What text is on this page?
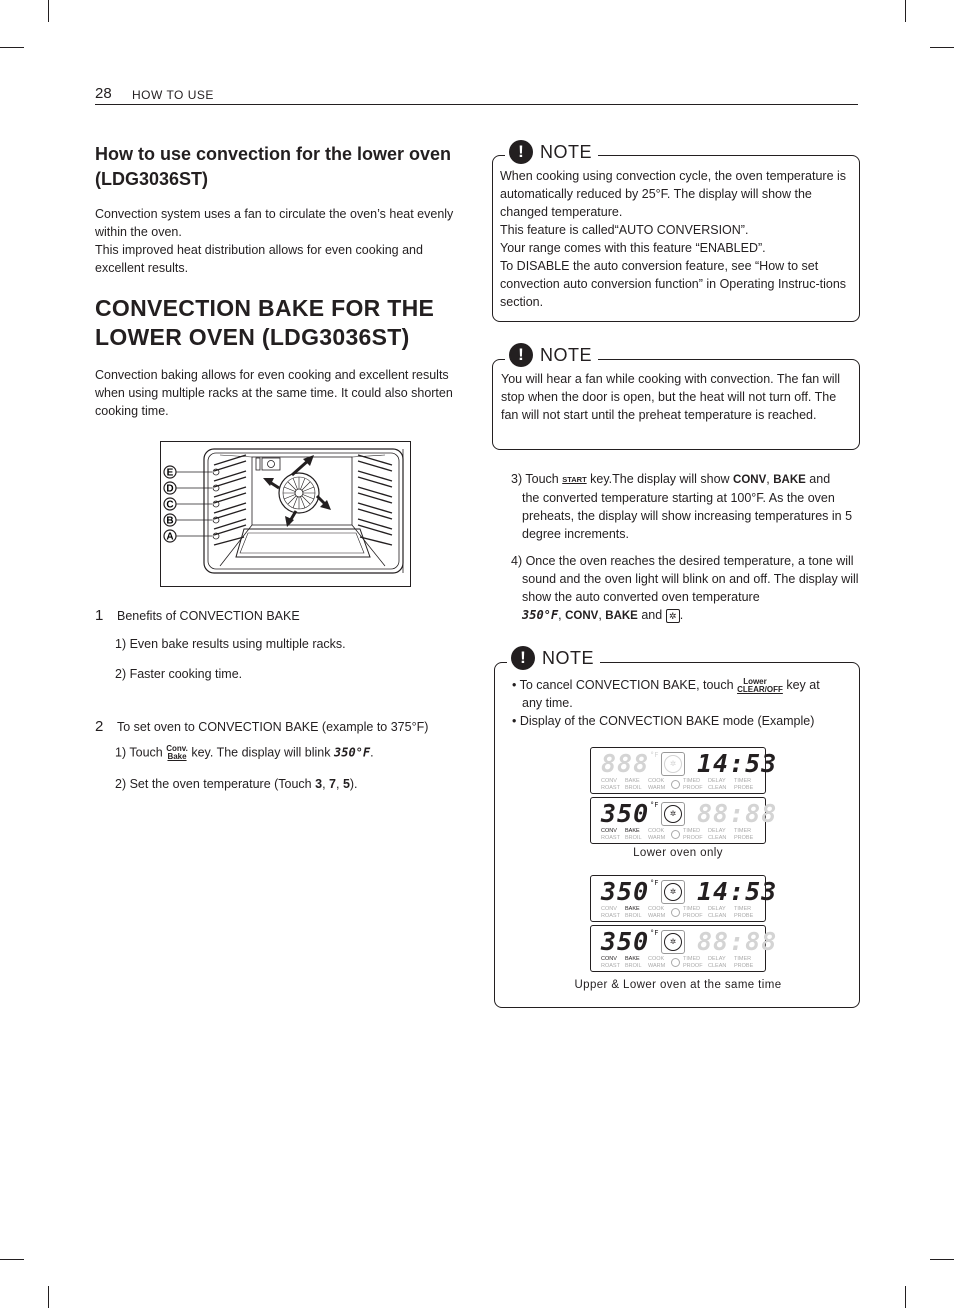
28 HOW TO USE
How to use convection for the lower oven (LDG3036ST)
Convection system uses a fan to circulate the oven’s heat evenly within the oven.
This improved heat distribution allows for even cooking and excellent results.
CONVECTION BAKE FOR THE LOWER OVEN (LDG3036ST)
Convection baking allows for even cooking and excellent results when using multiple racks at the same time. It could also shorten cooking time.
E
D
C
B
A
1 Benefits of CONVECTION BAKE
1) Even bake results using multiple racks.
2) Faster cooking time.
2 To set oven to CONVECTION BAKE (example to 375°F)
1) Touch Conv.
Bake key. The display will blink 350°F.
2) Set the oven temperature (Touch 3, 7, 5).
! NOTE
When cooking using convection cycle, the oven temperature is automatically reduced by 25°F. The display will show the changed temperature.
This feature is called“AUTO CONVERSION”.
Your range comes with this feature “ENABLED”.
To DISABLE the auto conversion feature, see “How to set convection auto conversion function” in Operating Instruc-tions section.
! NOTE
You will hear a fan while cooking with convection. The fan will stop when the door is open, but the heat will not turn off. The fan will not start until the preheat temperature is reached.
3) Touch START key.The display will show CONV, BAKE and
the converted temperature starting at 100°F. As the oven preheats, the display will show increasing temperatures in 5 degree increments.
4) Once the oven reaches the desired temperature, a tone will sound and the oven light will blink on and off. The display will show the auto converted oven temperature
350°F, CONV, BAKE and ✲ .
! NOTE
• To cancel CONVECTION BAKE, touch Lower
CLEAR/OFF key at any time.
• Display of the CONVECTION BAKE mode (Example)
888 °F
✲ 14:53
CONV
ROAST
BAKE
BROIL
COOK
WARM
TIMED
PROOF
DELAY
CLEAN
TIMER
PROBE
350 °F
✲ 88:88
CONV
ROAST
BAKE
BROIL
COOK
WARM
TIMED
PROOF
DELAY
CLEAN
TIMER
PROBE
Lower oven only
350 °F
✲ 14:53
CONV
ROAST
BAKE
BROIL
COOK
WARM
TIMED
PROOF
DELAY
CLEAN
TIMER
PROBE
350 °F
✲ 88:88
CONV
ROAST
BAKE
BROIL
COOK
WARM
TIMED
PROOF
DELAY
CLEAN
TIMER
PROBE
Upper & Lower oven at the same time
